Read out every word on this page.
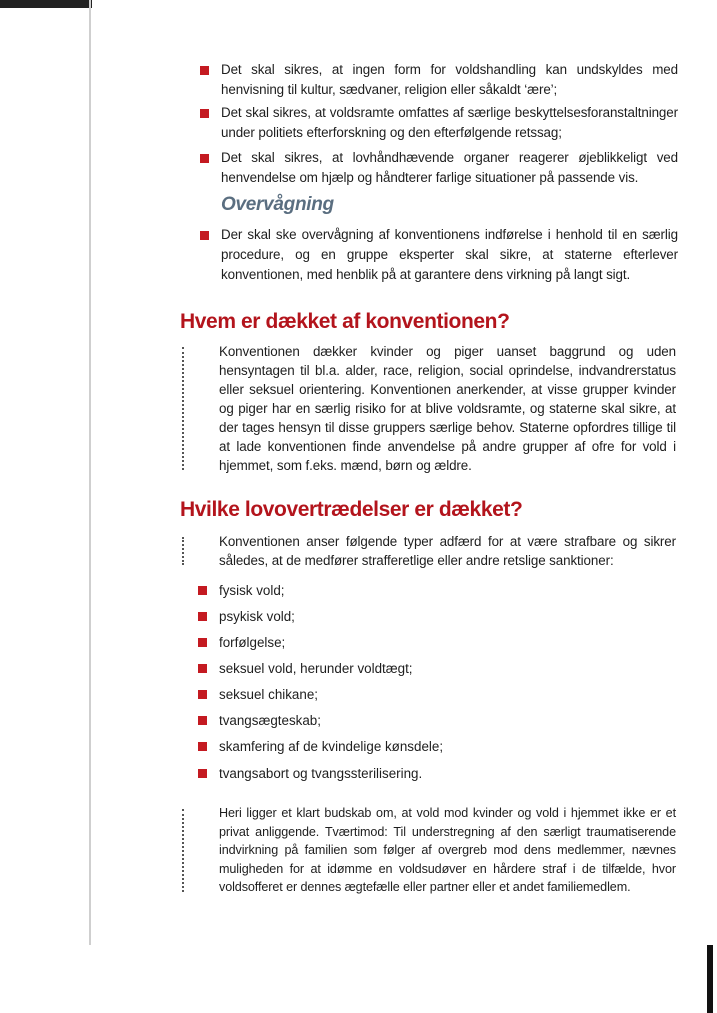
Det skal sikres, at ingen form for voldshandling kan undskyldes med henvisning til kultur, sædvaner, religion eller såkaldt ‘ære’;
Det skal sikres, at voldsramte omfattes af særlige beskyttelsesforanstaltninger under politiets efterforskning og den efterfølgende retssag;
Det skal sikres, at lovhåndhævende organer reagerer øjeblikkeligt ved henvendelse om hjælp og håndterer farlige situationer på passende vis.
Overvågning
Der skal ske overvågning af konventionens indførelse i henhold til en særlig procedure, og en gruppe eksperter skal sikre, at staterne efterlever konventionen, med henblik på at garantere dens virkning på langt sigt.
Hvem er dækket af konventionen?
Konventionen dækker kvinder og piger uanset baggrund og uden hensyntagen til bl.a. alder, race, religion, social oprindelse, indvandrerstatus eller seksuel orientering. Konventionen anerkender, at visse grupper kvinder og piger har en særlig risiko for at blive voldsramte, og staterne skal sikre, at der tages hensyn til disse gruppers særlige behov. Staterne opfordres tillige til at lade konventionen finde anvendelse på andre grupper af ofre for vold i hjemmet, som f.eks. mænd, børn og ældre.
Hvilke lovovertrædelser er dækket?
Konventionen anser følgende typer adfærd for at være strafbare og sikrer således, at de medfører strafferetlige eller andre retslige sanktioner:
fysisk vold;
psykisk vold;
forfølgelse;
seksuel vold, herunder voldtægt;
seksuel chikane;
tvangsægteskab;
skamfering af de kvindelige kønsdele;
tvangsabort og tvangssterilisering.
Heri ligger et klart budskab om, at vold mod kvinder og vold i hjemmet ikke er et privat anliggende. Tværtimod: Til understregning af den særligt traumatiserende indvirkning på familien som følger af overgreb mod dens medlemmer, nævnes muligheden for at idømme en voldsudøver en hårdere straf i de tilfælde, hvor voldsofferet er dennes ægtefælle eller partner eller et andet familiemedlem.
